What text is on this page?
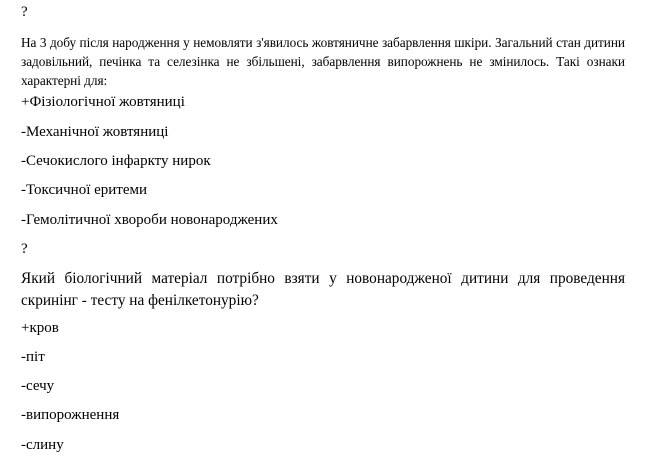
?
На 3 добу після народження у немовляти з'явилось жовтяничне забарвлення шкіри. Загальний стан дитини задовільний, печінка та селезінка не збільшені, забарвлення випорожнень не змінилось. Такі ознаки характерні для:
+Фізіологічної жовтяниці
-Механічної жовтяниці
-Сечокислого інфаркту нирок
-Токсичної еритеми
-Гемолітичної хвороби новонароджених
?
Який біологічний матеріал потрібно взяти у новонародженої дитини для проведення скринінг - тесту на фенілкетонурію?
+кров
-піт
-сечу
-випорожнення
-слину
